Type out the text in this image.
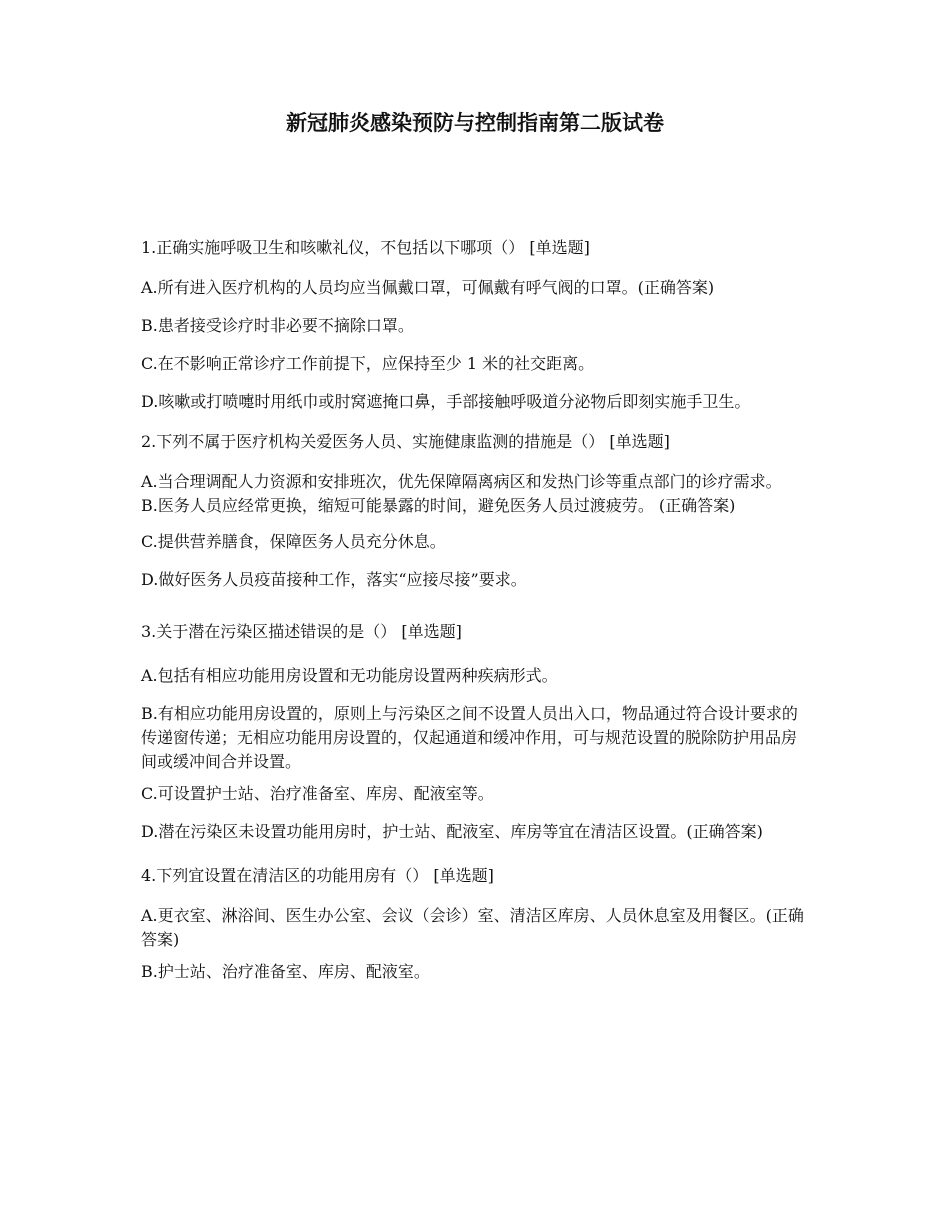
新冠肺炎感染预防与控制指南第二版试卷

1.正确实施呼吸卫生和咳嗽礼仪，不包括以下哪项（） [单选题]

A.所有进入医疗机构的人员均应当佩戴口罩，可佩戴有呼气阀的口罩。(正确答案)

B.患者接受诊疗时非必要不摘除口罩。

C.在不影响正常诊疗工作前提下，应保持至少 1 米的社交距离。

D.咳嗽或打喷嚏时用纸巾或肘窝遮掩口鼻，手部接触呼吸道分泌物后即刻实施手卫生。

2.下列不属于医疗机构关爱医务人员、实施健康监测的措施是（） [单选题]

A.当合理调配人力资源和安排班次，优先保障隔离病区和发热门诊等重点部门的诊疗需求。

B.医务人员应经常更换，缩短可能暴露的时间，避免医务人员过渡疲劳。 (正确答案)

C.提供营养膳食，保障医务人员充分休息。

D.做好医务人员疫苗接种工作，落实“应接尽接”要求。

3.关于潜在污染区描述错误的是（） [单选题]

A.包括有相应功能用房设置和无功能房设置两种疾病形式。

B.有相应功能用房设置的，原则上与污染区之间不设置人员出入口，物品通过符合设计要求的传递窗传递；无相应功能用房设置的，仅起通道和缓冲作用，可与规范设置的脱除防护用品房间或缓冲间合并设置。

C.可设置护士站、治疗准备室、库房、配液室等。

D.潜在污染区未设置功能用房时，护士站、配液室、库房等宜在清洁区设置。(正确答案)

4.下列宜设置在清洁区的功能用房有（） [单选题]

A.更衣室、淋浴间、医生办公室、会议（会诊）室、清洁区库房、人员休息室及用餐区。(正确答案)

B.护士站、治疗准备室、库房、配液室。
